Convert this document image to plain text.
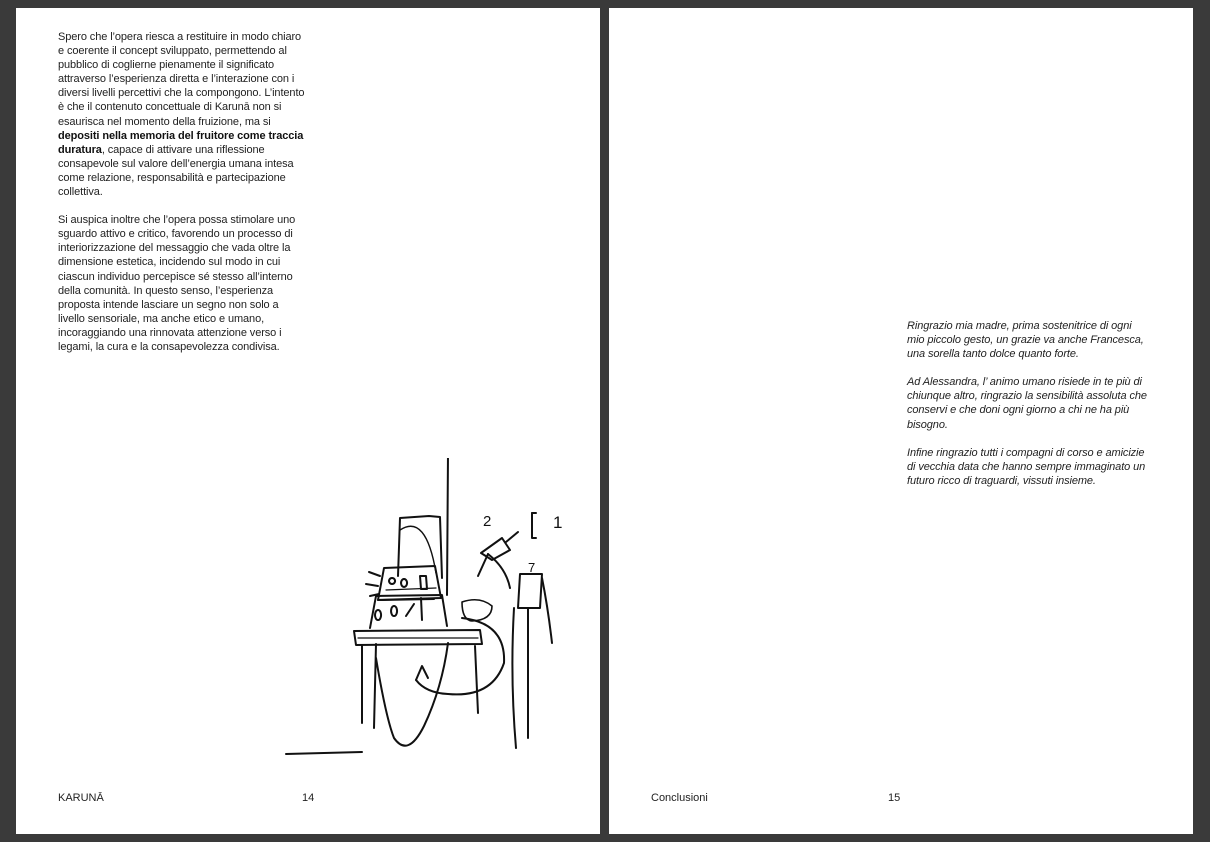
Spero che l’opera riesca a restituire in modo chiaro e coerente il concept sviluppato, permettendo al pubblico di coglierne pienamente il significato attraverso l’esperienza diretta e l’interazione con i diversi livelli percettivi che la compongono. L’intento è che il contenuto concettuale di Karunā non si esaurisca nel momento della fruizione, ma si depositi nella memoria del fruitore come traccia duratura, capace di attivare una riflessione consapevole sul valore dell’energia umana intesa come relazione, responsabilità e partecipazione collettiva.

Si auspica inoltre che l’opera possa stimolare uno sguardo attivo e critico, favorendo un processo di interiorizzazione del messaggio che vada oltre la dimensione estetica, incidendo sul modo in cui ciascun individuo percepisce sé stesso all’interno della comunità. In questo senso, l’esperienza proposta intende lasciare un segno non solo a livello sensoriale, ma anche etico e umano, incoraggiando una rinnovata attenzione verso i legami, la cura e la consapevolezza condivisa.

2	1
7
KARUNĀ	14

Ringrazio mia madre, prima sostenitrice di ogni mio piccolo gesto, un grazie va anche Francesca, una sorella tanto dolce quanto forte.

Ad Alessandra, l’ animo umano risiede in te più di chiunque altro, ringrazio la sensibilità assoluta che conservi e che doni ogni giorno a chi ne ha più bisogno.

Infine ringrazio tutti i compagni di corso e amicizie di vecchia data che hanno sempre immaginato un futuro ricco di traguardi, vissuti insieme.

Conclusioni	15
